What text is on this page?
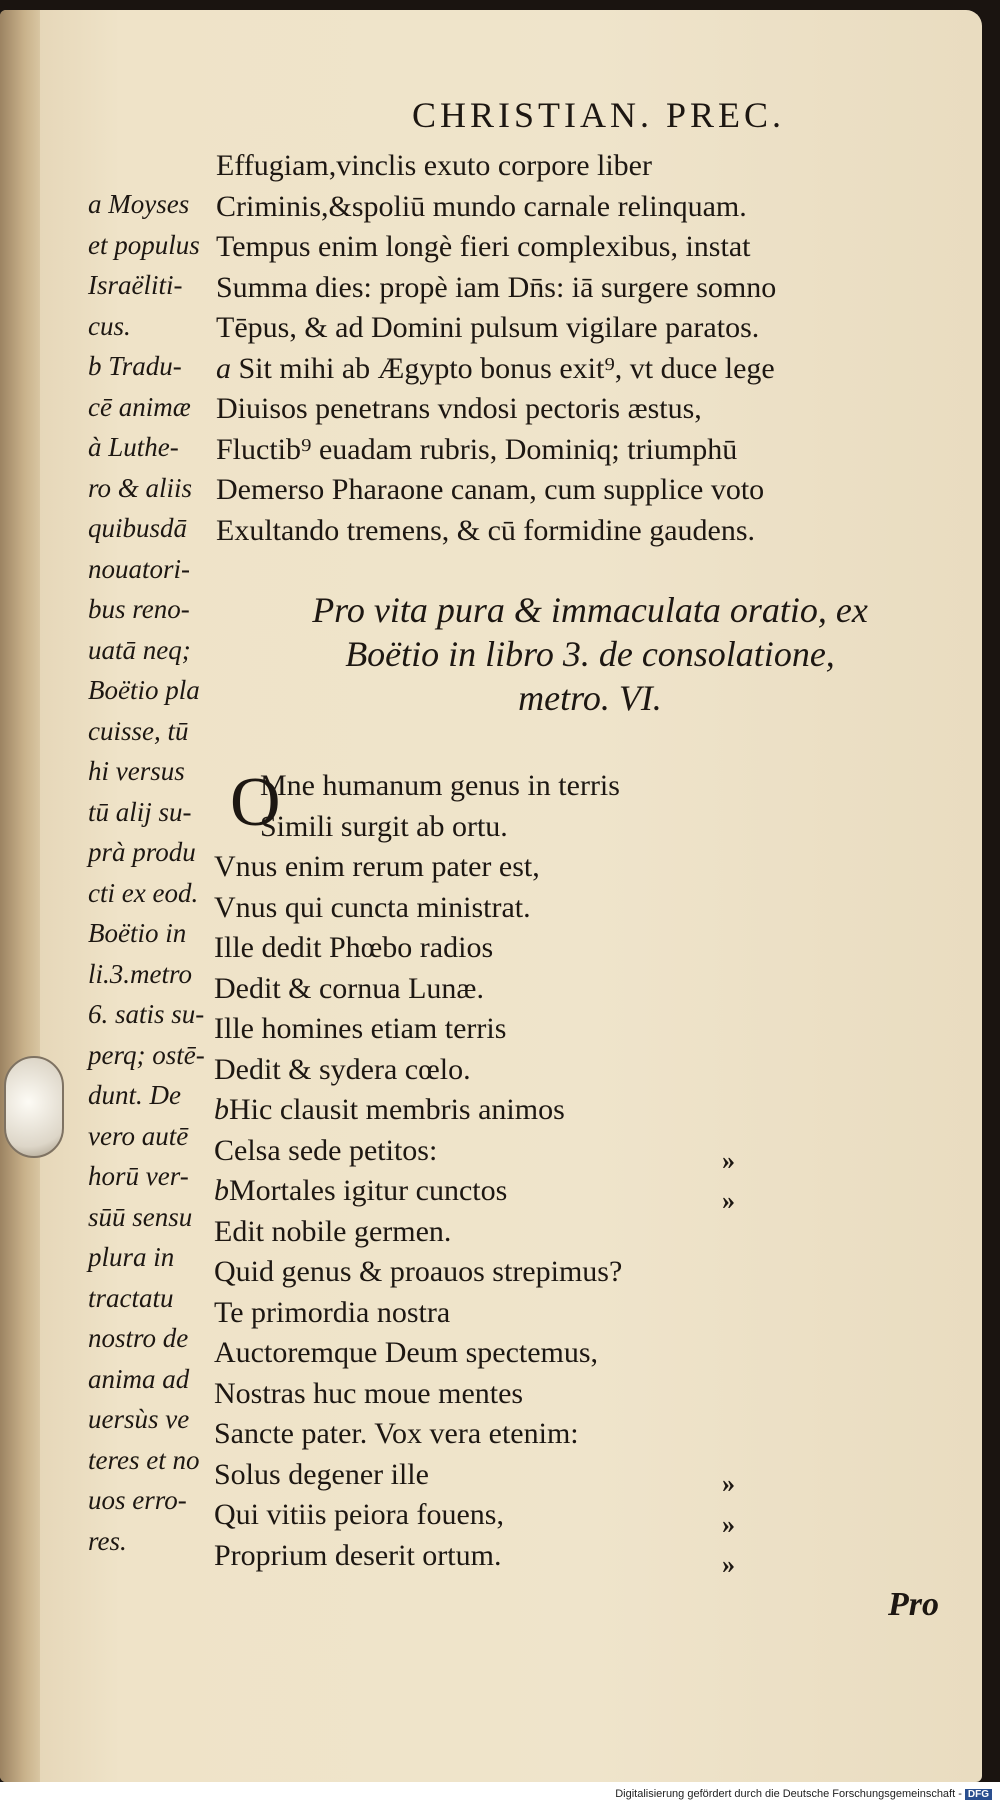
CHRISTIAN. PREC.
Effugiam,vinclis exuto corpore liber
Criminis,&spoliū mundo carnale relinquam.
Tempus enim longè fieri complexibus, instat
Summa dies: propè iam Dn̄s: iā surgere somno
Tēpus, & ad Domini pulsum vigilare paratos.
a Sit mihi ab Ægypto bonus exit⁹, vt duce lege
Diuisos penetrans vndosi pectoris æstus,
Fluctib⁹ euadam rubris, Dominiq; triumphū
Demerso Pharaone canam, cum supplice voto
Exultando tremens, & cū formidine gaudens.
Pro vita pura & immaculata oratio, ex
Boëtio in libro 3. de consolatione,
metro. VI.
O
Mne humanum genus in terris
Simili surgit ab ortu.
Vnus enim rerum pater est,
Vnus qui cuncta ministrat.
Ille dedit Phœbo radios
Dedit & cornua Lunæ.
Ille homines etiam terris
Dedit & sydera cœlo.
bHic clausit membris animos
Celsa sede petitos:
bMortales igitur cunctos
Edit nobile germen.
Quid genus & proauos strepimus?
Te primordia nostra
Auctoremque Deum spectemus,
Nostras huc moue mentes
Sancte pater. Vox vera etenim:
Solus degener ille
Qui vitiis peiora fouens,
Proprium deserit ortum.
»
»
»
»
»
a Moyses
et populus
Israëliti-
cus.
b Tradu-
cē animæ
à Luthe-
ro & aliis
quibusdā
nouatori-
bus reno-
uatā neq;
Boëtio pla
cuisse, tū
hi versus
tū aliј su-
prà produ
cti ex eod.
Boëtio in
li.3.metro
6. satis su-
perq; ostē-
dunt. De
vero autē
horū ver-
sūū sensu
plura in
tractatu
nostro de
anima ad
uersùs ve
teres et no
uos erro-
res.
Pro
Digitalisierung gefördert durch die Deutsche Forschungsgemeinschaft - DFG
